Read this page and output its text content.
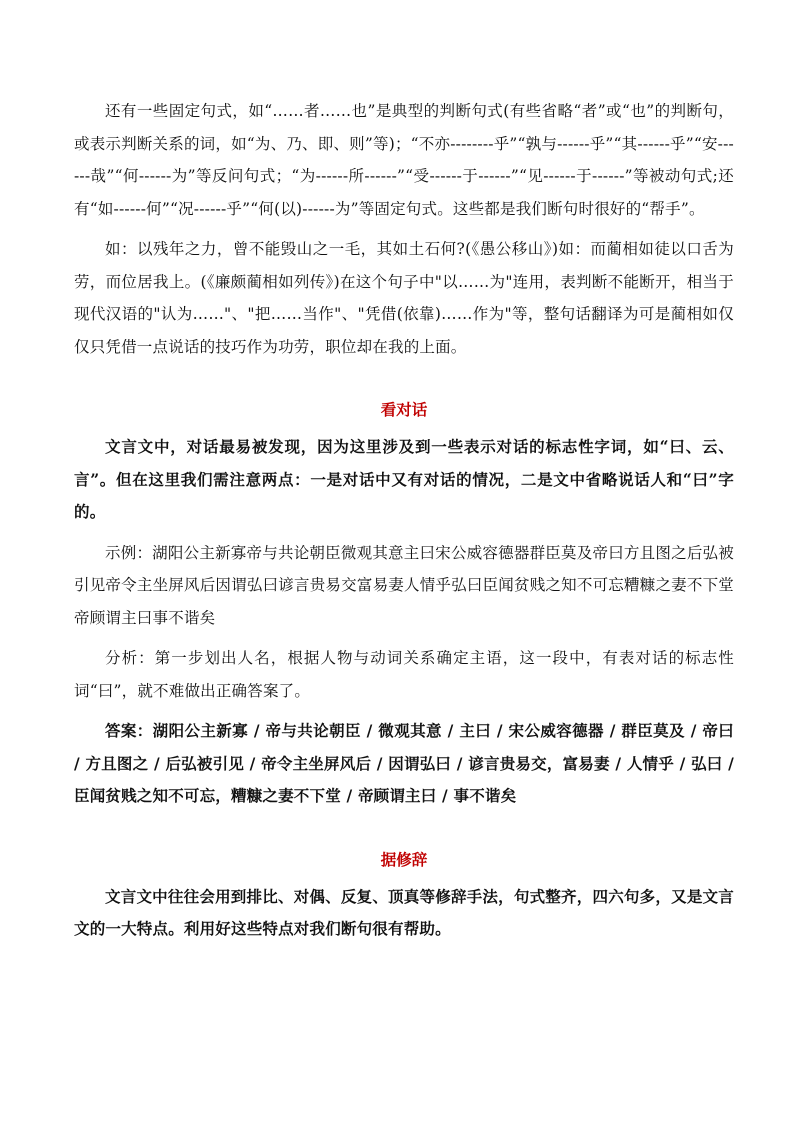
还有一些固定句式，如“……者……也”是典型的判断句式(有些省略“者”或“也”的判断句，或表示判断关系的词，如“为、乃、即、则”等)；“不亦--------乎”“孰与------乎”“其------乎”“安------哉”“何------为”等反问句式；“为------所------”“受------于------”“见------于------”等被动句式;还有“如------何”“况------乎”“何(以)------为”等固定句式。这些都是我们断句时很好的“帮手”。

如：以残年之力，曾不能毁山之一毛，其如土石何?(《愚公移山》)如：而蔺相如徒以口舌为劳，而位居我上。(《廉颇蔺相如列传》)在这个句子中"以……为"连用，表判断不能断开，相当于现代汉语的"认为……"、"把……当作"、"凭借(依靠)……作为"等，整句话翻译为可是蔺相如仅仅只凭借一点说话的技巧作为功劳，职位却在我的上面。

看对话

文言文中，对话最易被发现，因为这里涉及到一些表示对话的标志性字词，如“曰、云、言”。但在这里我们需注意两点：一是对话中又有对话的情况，二是文中省略说话人和“曰”字的。

示例：湖阳公主新寡帝与共论朝臣微观其意主曰宋公威容德器群臣莫及帝曰方且图之后弘被引见帝令主坐屏风后因谓弘曰谚言贵易交富易妻人情乎弘曰臣闻贫贱之知不可忘糟糠之妻不下堂帝顾谓主曰事不谐矣

分析：第一步划出人名，根据人物与动词关系确定主语，这一段中，有表对话的标志性词“曰”，就不难做出正确答案了。

答案：湖阳公主新寡 / 帝与共论朝臣 / 微观其意 / 主曰 / 宋公威容德器 / 群臣莫及 / 帝曰 / 方且图之 / 后弘被引见 / 帝令主坐屏风后 / 因谓弘曰 / 谚言贵易交，富易妻 / 人情乎 / 弘曰 / 臣闻贫贱之知不可忘，糟糠之妻不下堂 / 帝顾谓主曰 / 事不谐矣

据修辞

文言文中往往会用到排比、对偶、反复、顶真等修辞手法，句式整齐，四六句多，又是文言文的一大特点。利用好这些特点对我们断句很有帮助。
